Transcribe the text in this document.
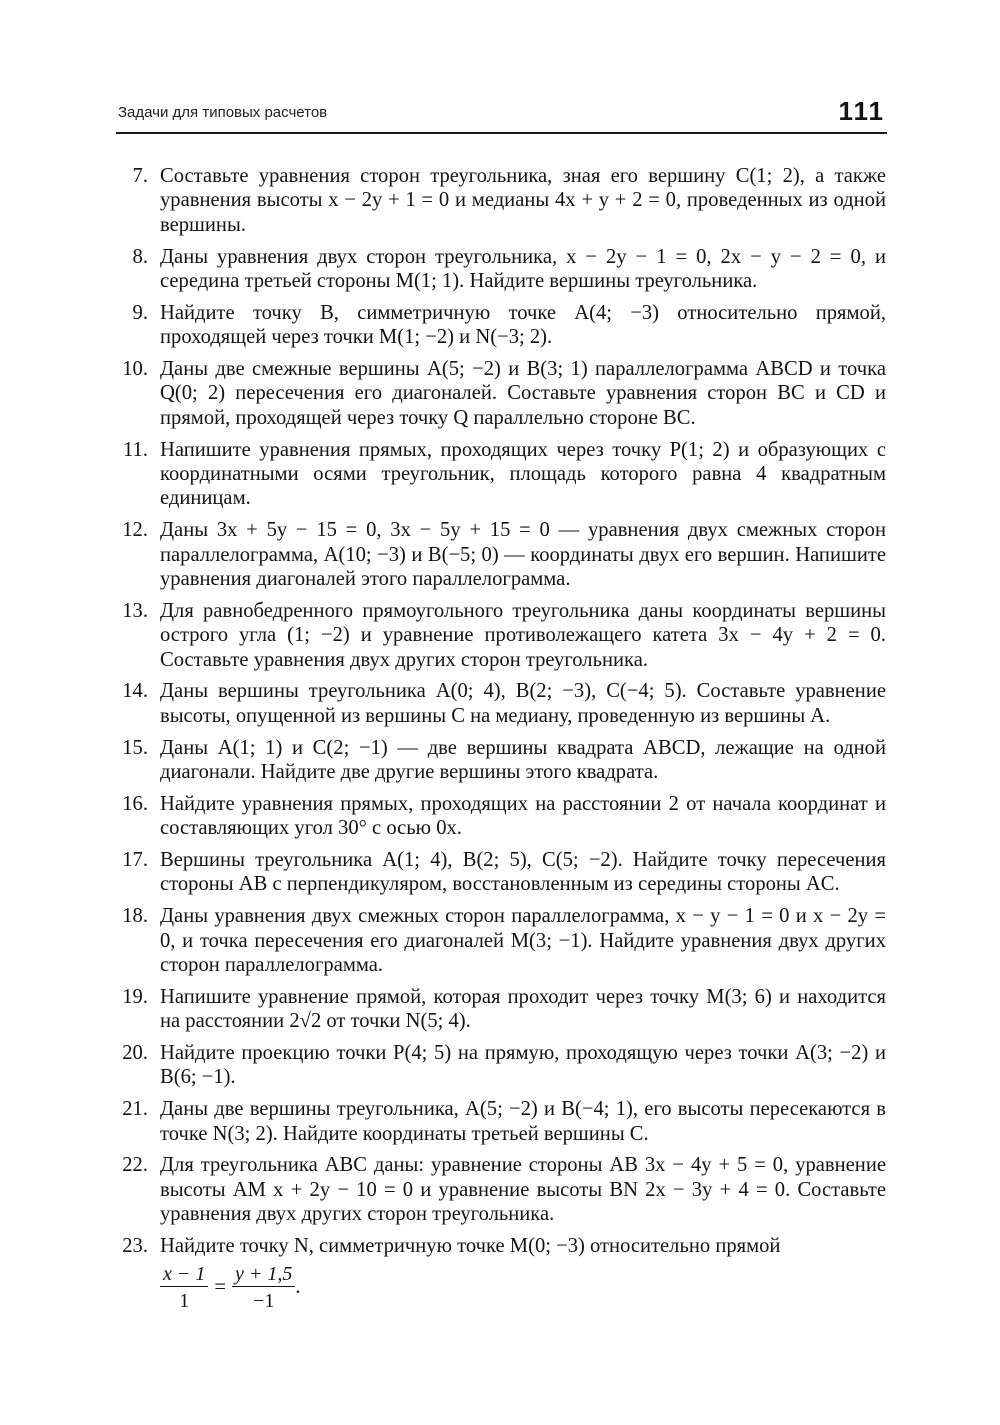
Задачи для типовых расчетов	111
7. Составьте уравнения сторон треугольника, зная его вершину C(1; 2), а также уравнения высоты x − 2y + 1 = 0 и медианы 4x + y + 2 = 0, проведенных из одной вершины.
8. Даны уравнения двух сторон треугольника, x − 2y − 1 = 0, 2x − y − 2 = 0, и середина третьей стороны M(1; 1). Найдите вершины треугольника.
9. Найдите точку B, симметричную точке A(4; −3) относительно прямой, проходящей через точки M(1; −2) и N(−3; 2).
10. Даны две смежные вершины A(5; −2) и B(3; 1) параллелограмма ABCD и точка Q(0; 2) пересечения его диагоналей. Составьте уравнения сторон BC и CD и прямой, проходящей через точку Q параллельно стороне BC.
11. Напишите уравнения прямых, проходящих через точку P(1; 2) и образующих с координатными осями треугольник, площадь которого равна 4 квадратным единицам.
12. Даны 3x + 5y − 15 = 0, 3x − 5y + 15 = 0 — уравнения двух смежных сторон параллелограмма, A(10; −3) и B(−5; 0) — координаты двух его вершин. Напишите уравнения диагоналей этого параллелограмма.
13. Для равнобедренного прямоугольного треугольника даны координаты вершины острого угла (1; −2) и уравнение противолежащего катета 3x − 4y + 2 = 0. Составьте уравнения двух других сторон треугольника.
14. Даны вершины треугольника A(0; 4), B(2; −3), C(−4; 5). Составьте уравнение высоты, опущенной из вершины C на медиану, проведенную из вершины A.
15. Даны A(1; 1) и C(2; −1) — две вершины квадрата ABCD, лежащие на одной диагонали. Найдите две другие вершины этого квадрата.
16. Найдите уравнения прямых, проходящих на расстоянии 2 от начала координат и составляющих угол 30° с осью 0x.
17. Вершины треугольника A(1; 4), B(2; 5), C(5; −2). Найдите точку пересечения стороны AB с перпендикуляром, восстановленным из середины стороны AC.
18. Даны уравнения двух смежных сторон параллелограмма, x − y − 1 = 0 и x − 2y = 0, и точка пересечения его диагоналей M(3; −1). Найдите уравнения двух других сторон параллелограмма.
19. Напишите уравнение прямой, которая проходит через точку M(3; 6) и находится на расстоянии 2√2 от точки N(5; 4).
20. Найдите проекцию точки P(4; 5) на прямую, проходящую через точки A(3; −2) и B(6; −1).
21. Даны две вершины треугольника, A(5; −2) и B(−4; 1), его высоты пересекаются в точке N(3; 2). Найдите координаты третьей вершины C.
22. Для треугольника ABC даны: уравнение стороны AB 3x − 4y + 5 = 0, уравнение высоты AM x + 2y − 10 = 0 и уравнение высоты BN 2x − 3y + 4 = 0. Составьте уравнения двух других сторон треугольника.
23. Найдите точку N, симметричную точке M(0; −3) относительно прямой
$\frac{x - 1}{1} = \frac{y + 1,5}{-1}$ .
